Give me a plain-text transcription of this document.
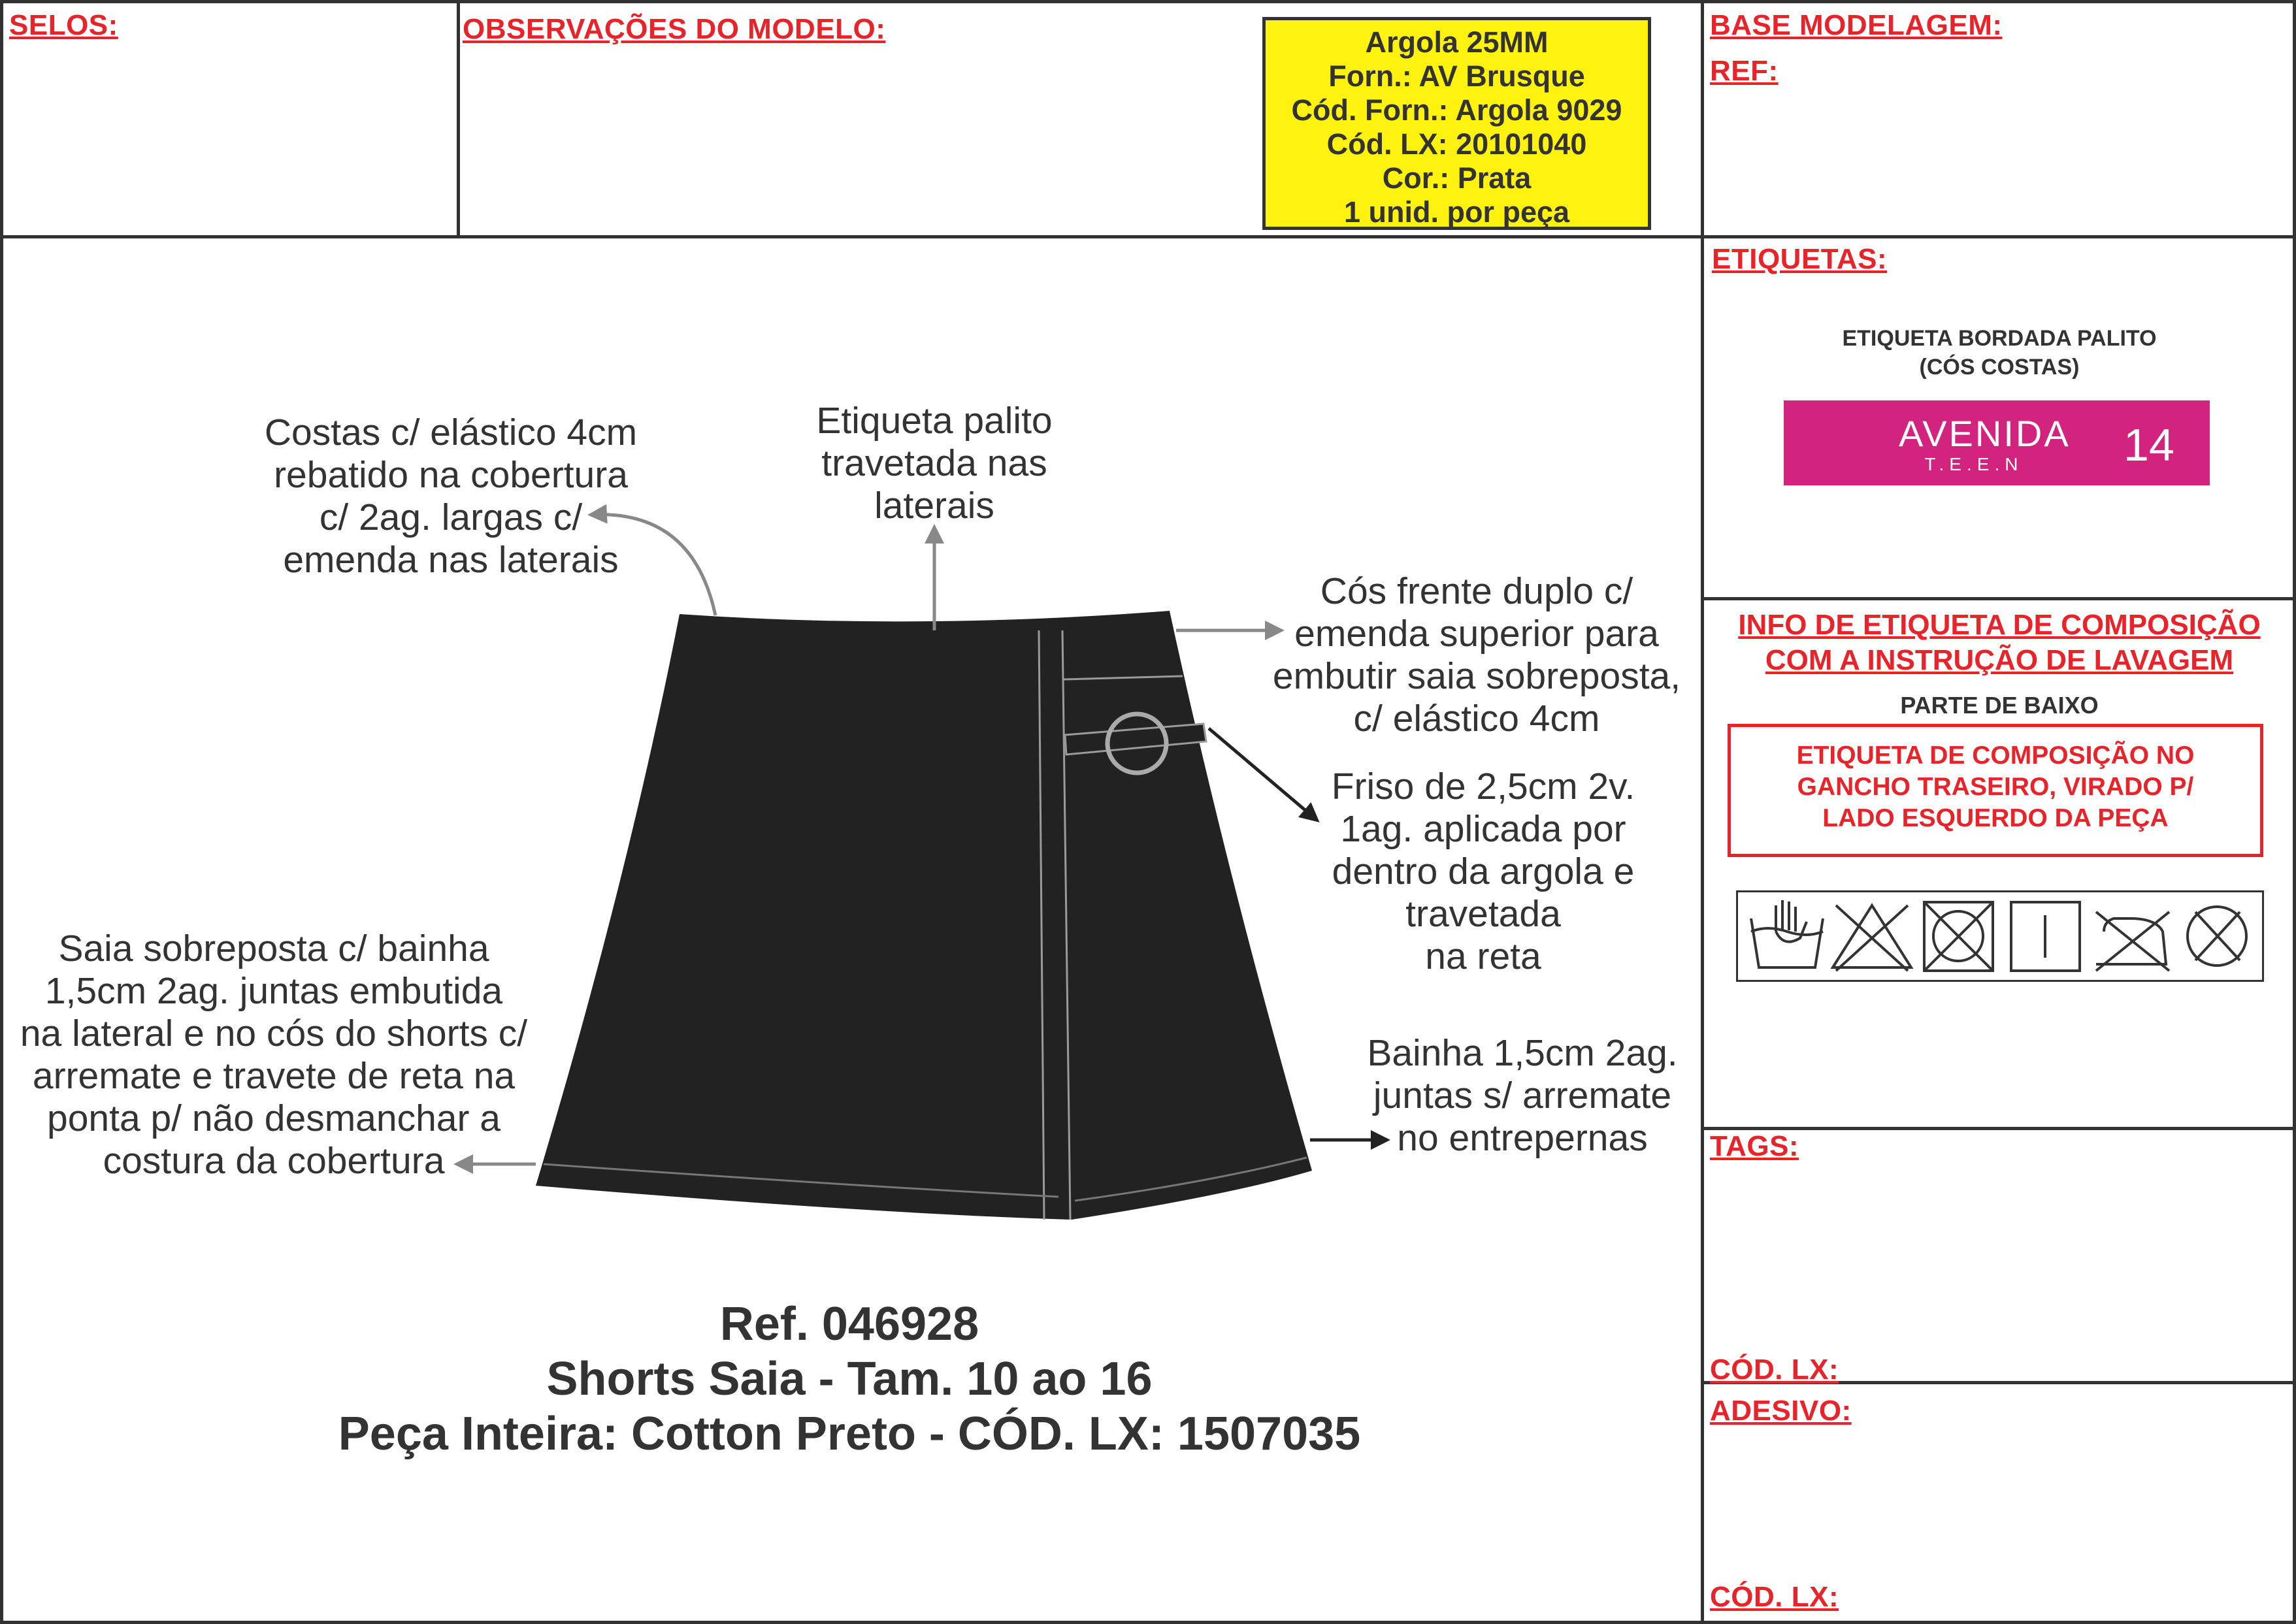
SELOS:	OBSERVAÇÕES DO MODELO:	BASE MODELAGEM:
REF:
Argola 25MM
Forn.: AV Brusque
Cód. Forn.: Argola 9029
Cód. LX: 20101040
Cor.: Prata
1 unid. por peça
Costas c/ elástico 4cm
rebatido na cobertura
c/ 2ag. largas c/
emenda nas laterais
Etiqueta palito
travetada nas
laterais
Cós frente duplo c/
emenda superior para
embutir saia sobreposta,
c/ elástico 4cm
Friso de 2,5cm 2v.
1ag. aplicada por
dentro da argola e
travetada
na reta
Saia sobreposta c/ bainha
1,5cm 2ag. juntas embutida
na lateral e no cós do shorts c/
arremate e travete de reta na
ponta p/ não desmanchar a
costura da cobertura
Bainha 1,5cm 2ag.
juntas s/ arremate
no entrepernas
Ref. 046928
Shorts Saia - Tam. 10 ao 16
Peça Inteira: Cotton Preto - CÓD. LX: 1507035
ETIQUETAS:
ETIQUETA BORDADA PALITO
(CÓS COSTAS)
AVENIDA
T.E.E.N	14
INFO DE ETIQUETA DE COMPOSIÇÃO
COM A INSTRUÇÃO DE LAVAGEM
PARTE DE BAIXO
ETIQUETA DE COMPOSIÇÃO NO
GANCHO TRASEIRO, VIRADO P/
LADO ESQUERDO DA PEÇA
TAGS:
CÓD. LX:
ADESIVO:
CÓD. LX:
